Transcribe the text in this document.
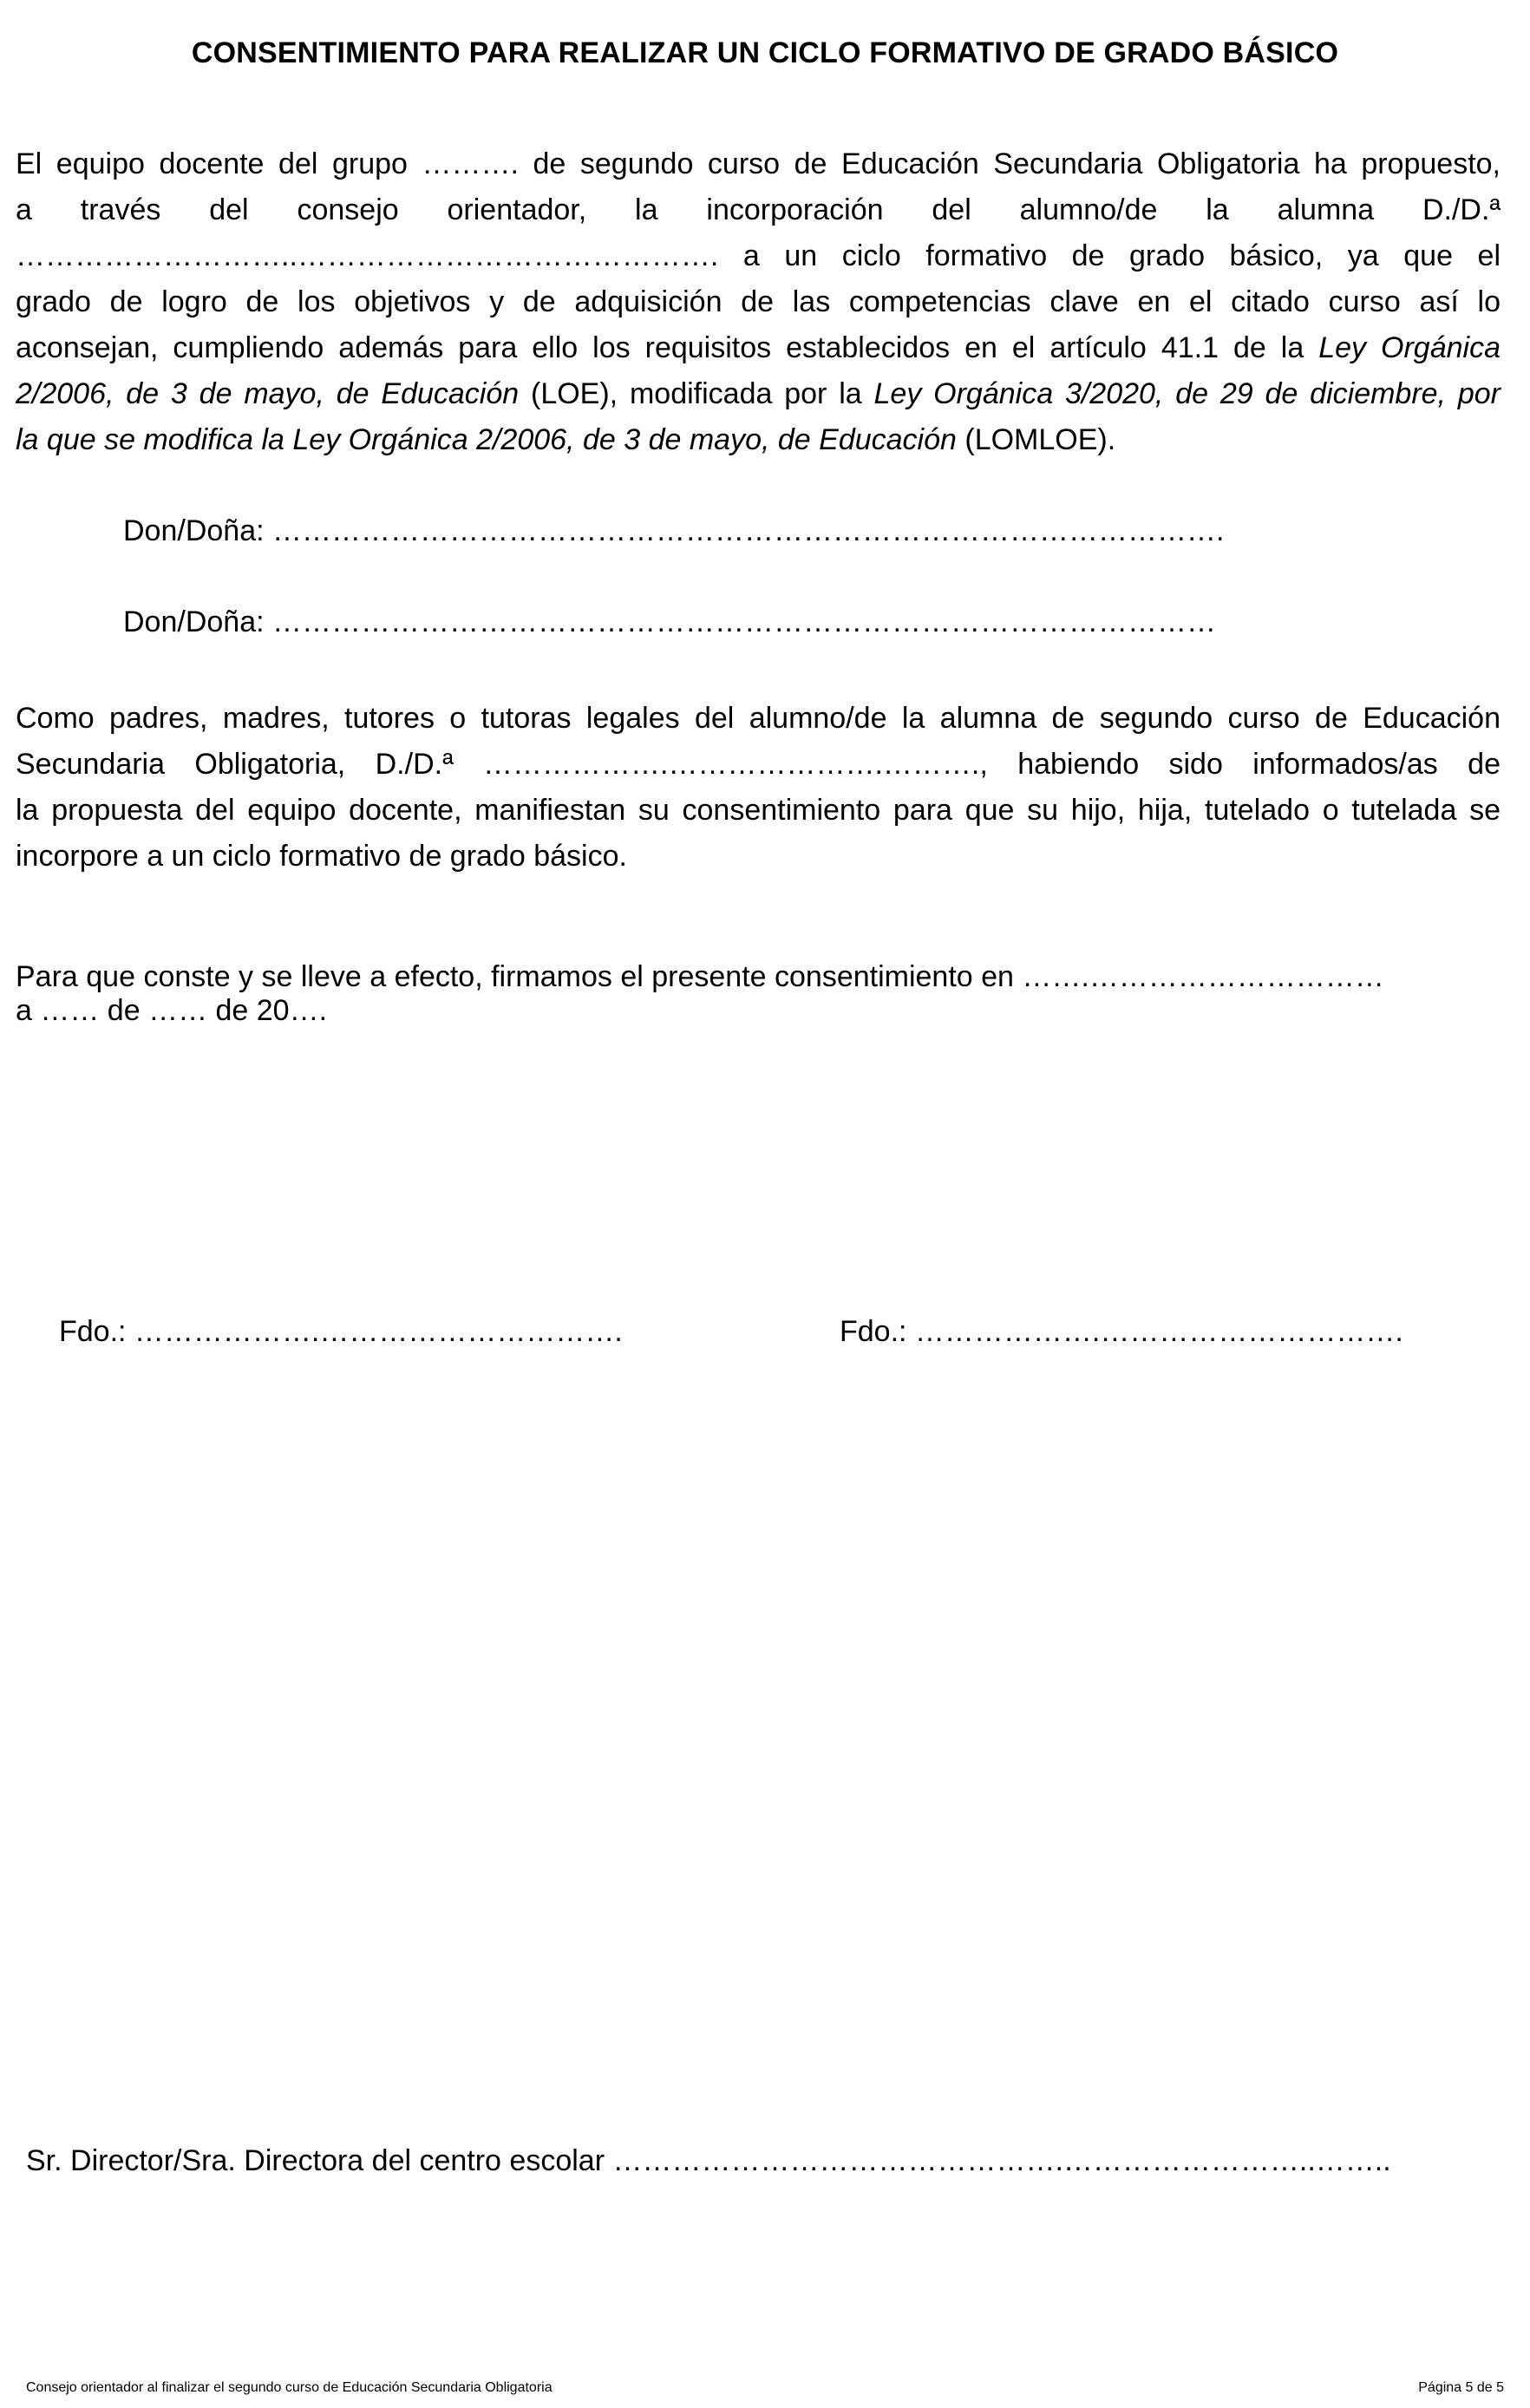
CONSENTIMIENTO PARA REALIZAR UN CICLO FORMATIVO DE GRADO BÁSICO
El equipo docente del grupo ………. de segundo curso de Educación Secundaria Obligatoria ha propuesto,
a través del consejo orientador, la incorporación del alumno/de la alumna D./D.ª
………………………..……………………………………. a un ciclo formativo de grado básico, ya que el
grado de logro de los objetivos y de adquisición de las competencias clave en el citado curso así lo
aconsejan, cumpliendo además para ello los requisitos establecidos en el artículo 41.1 de la Ley Orgánica
2/2006, de 3 de mayo, de Educación (LOE), modificada por la Ley Orgánica 3/2020, de 29 de diciembre, por
la que se modifica la Ley Orgánica 2/2006, de 3 de mayo, de Educación (LOMLOE).
Don/Doña: …………………………………………………………………………………….
Don/Doña: ……………………………………………………………………………………
Como padres, madres, tutores o tutoras legales del alumno/de la alumna de segundo curso de Educación
Secundaria Obligatoria, D./D.ª ……………….………………….………., habiendo sido informados/as de
la propuesta del equipo docente, manifiestan su consentimiento para que su hijo, hija, tutelado o tutelada se
incorpore a un ciclo formativo de grado básico.
Para que conste y se lleve a efecto, firmamos el presente consentimiento en …….…………………………
a …… de …… de 20….
Fdo.: ……………….………………………….	Fdo.: ……………….………………………….
Sr. Director/Sra. Directora del centro escolar ……………………………………….……………………..……..
Consejo orientador al finalizar el segundo curso de Educación Secundaria Obligatoria	Página 5 de 5
